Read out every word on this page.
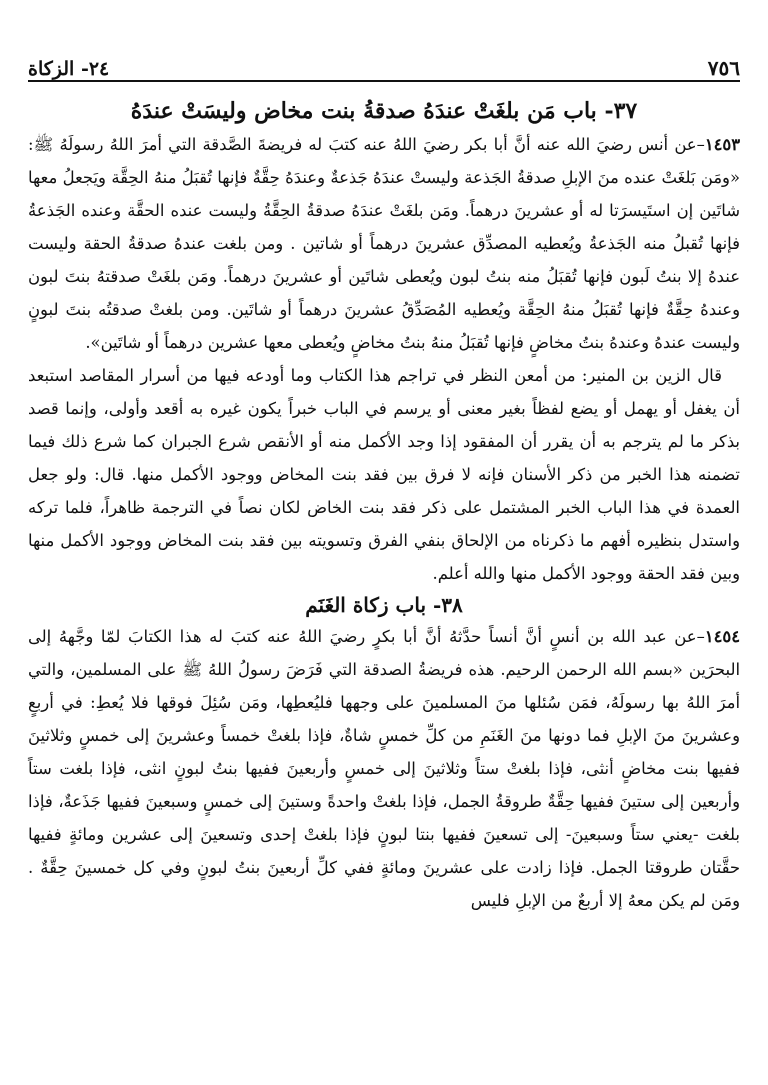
٧٥٦
٢٤- الزكاة
٣٧- باب مَن بلغَتْ عندَهُ صدقةُ بنت مخاض وليسَتْ عندَهُ

١٤٥٣–عن أنس رضيَ الله عنه أنَّ أبا بكر رضيَ اللهُ عنه كتبَ له فريضةَ الصَّدقة التي أمرَ اللهُ رسولَهُ ﷺ: «ومَن بَلغَتْ عنده منَ الإبلِ صدقةُ الجَذعة وليستْ عندَهُ جَذعةٌ وعندَهُ حِقَّةٌ فإنها تُقبَلُ منهُ الحِقَّة ويَجعلُ معها شاتَين إن استَيسرَتا له أو عشرينَ درهماً. ومَن بلغَتْ عندَهُ صدقةُ الحِقَّةُ وليست عنده الحقَّة وعنده الجَذعةُ فإنها تُقبلُ منه الجَذعةُ ويُعطيه المصدِّق عشرينَ درهماً أو شاتين . ومن بلغت عندهُ صدقةُ الحقة وليست عندهُ إلا بنتُ لَبون فإنها تُقبَلُ منه بنتُ لبون ويُعطى شاتَين أو عشرينَ درهماً. ومَن بلغَتْ صدقتهُ بنتَ لبون وعندهُ حِقَّةٌ فإنها تُقبَلُ منهُ الحِقَّة ويُعطيه المُصَدِّقُ عشرينَ درهماً أو شاتَين. ومن بلغتْ صدقتُه بنتَ لبونٍ وليست عندهُ وعندهُ بنتُ مخاضٍ فإنها تُقبَلُ منهُ بنتُ مخاضٍ ويُعطى معها عشرين درهماً أو شاتَين».

قال الزين بن المنير: من أمعن النظر في تراجم هذا الكتاب وما أودعه فيها من أسرار المقاصد استبعد أن يغفل أو يهمل أو يضع لفظاً بغير معنى أو يرسم في الباب خبراً يكون غيره به أقعد وأولى، وإنما قصد بذكر ما لم يترجم به أن يقرر أن المفقود إذا وجد الأكمل منه أو الأنقص شرع الجبران كما شرع ذلك فيما تضمنه هذا الخبر من ذكر الأسنان فإنه لا فرق بين فقد بنت المخاض ووجود الأكمل منها. قال: ولو جعل العمدة في هذا الباب الخبر المشتمل على ذكر فقد بنت الخاض لكان نصاً في الترجمة ظاهراً، فلما تركه واستدل بنظيره أفهم ما ذكرناه من الإلحاق بنفي الفرق وتسويته بين فقد بنت المخاض ووجود الأكمل منها وبين فقد الحقة ووجود الأكمل منها والله أعلم.

٣٨- باب زكاة الغَنَم

١٤٥٤–عن عبد الله بن أنسٍ أنَّ أنساً حدَّثهُ أنَّ أبا بكرٍ رضيَ اللهُ عنه كتبَ له هذا الكتابَ لمّا وجَّههُ إلى البحرَين «بسم الله الرحمن الرحيم. هذه فريضةُ الصدقة التي فَرَضَ رسولُ اللهُ ﷺ على المسلمين، والتي أمرَ اللهُ بها رسولَهُ، فمَن سُئلها منَ المسلمينَ على وجهها فليُعطِها، ومَن سُئِلَ فوقها فلا يُعطِ: في أربعٍ وعشرينَ منَ الإبلِ فما دونها منَ الغَنَمِ من كلِّ خمسٍ شاةٌ، فإذا بلغتْ خمساً وعشرينَ إلى خمسٍ وثلاثينَ ففيها بنت مخاضٍ أنثى، فإذا بلغتْ ستاً وثلاثينَ إلى خمسٍ وأربعينَ ففيها بنتُ لبونٍ انثى، فإذا بلغت ستاً وأربعين إلى ستينَ ففيها حِقَّةٌ طروقةُ الجمل، فإذا بلغتْ واحدةً وستينَ إلى خمسٍ وسبعينَ ففيها جَذَعةٌ، فإذا بلغت -يعني ستاً وسبعينَ- إلى تسعينَ ففيها بنتا لبونٍ فإذا بلغتْ إحدى وتسعينَ إلى عشرين ومائةٍ ففيها حقَّتان طروقتا الجمل. فإذا زادت على عشرينَ ومائةٍ ففي كلِّ أربعينَ بنتُ لبونٍ وفي كل خمسينَ حِقَّةٌ . ومَن لم يكن معهُ إلا أربعٌ من الإبلِ فليس
